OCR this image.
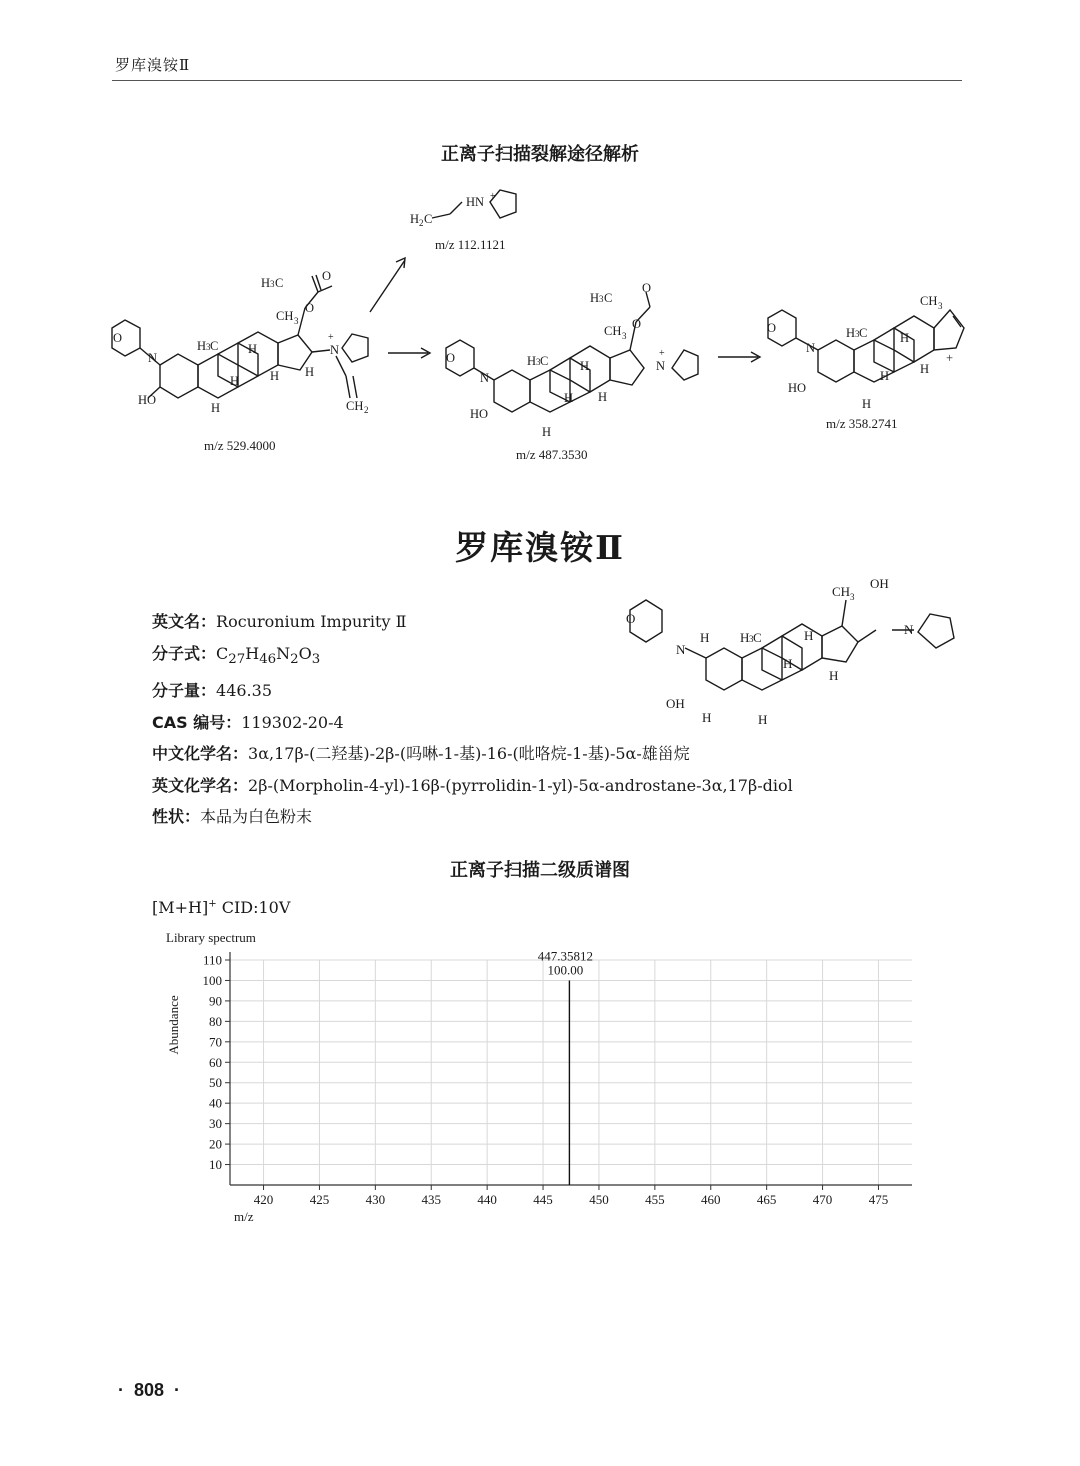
罗库溴铵Ⅱ
正离子扫描裂解途径解析
O
N
HO
H 3 C H
H
H
H
CH 3
O
H 3 C	O
N
+
H
CH 2
H 2 C
HN +
O
N
HO
H 3 C	H
H
H
H
CH 3
O
H 3 C
O
N
+
O
N
HO
H 3 C	H
H
H
H
CH 3
+
m/z 529.4000
m/z 112.1121
m/z 487.3530
m/z 358.2741
罗库溴铵Ⅱ
O
N
H H 3 C	H
H
H
H
CH 3
OH
OH
H
N
英文名：Rocuronium Impurity Ⅱ
分子式：$C_{27}H_{46}N_2O_3$
分子量：446.35
CAS 编号：119302-20-4
中文化学名：3α,17β-(二羟基)-2β-(吗啉-1-基)-16-(吡咯烷-1-基)-5α-雄甾烷
英文化学名：2β-(Morpholin-4-yl)-16β-(pyrrolidin-1-yl)-5α-androstane-3α,17β-diol
性状：本品为白色粉末
正离子扫描二级质谱图
[M+H]+ CID:10V
Library spectrum
Abundance
m/z
420	425	430	435	440	445	450	455	460	465	470	475
10
20
30
40
50
60
70
80
90
100
110	447.35812
100.00
·  808  ·
